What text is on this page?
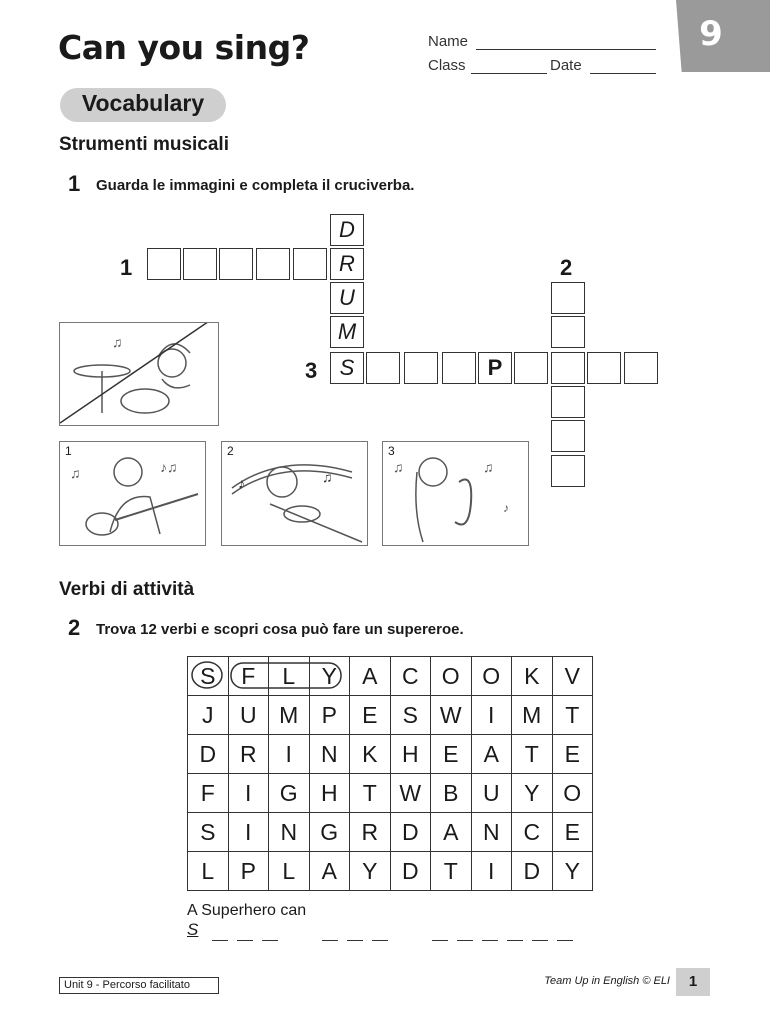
Can you sing?	Name
Class	Date
9
Vocabulary
Strumenti musicali
1 Guarda le immagini e completa il cruciverba.
1	2
3
D
R
U
M
S	P
♫
1
♪♫
♫
2
♪	♫
3
♫
♫
♪
Verbi di attività
2 Trova 12 verbi e scopri cosa può fare un supereroe.
S	F	L	Y	A	C	O	O	K	V
J	U	M	P	E	S	W	I	M	T
D	R	I	N	K	H	E	A	T	E
F	I	G	H	T	W	B	U	Y	O
S	I	N	G	R	D	A	N	C	E
L	P	L	A	Y	D	T	I	D	Y
A Superhero can
S
Unit 9 - Percorso facilitato	Team Up in English © ELI	1
